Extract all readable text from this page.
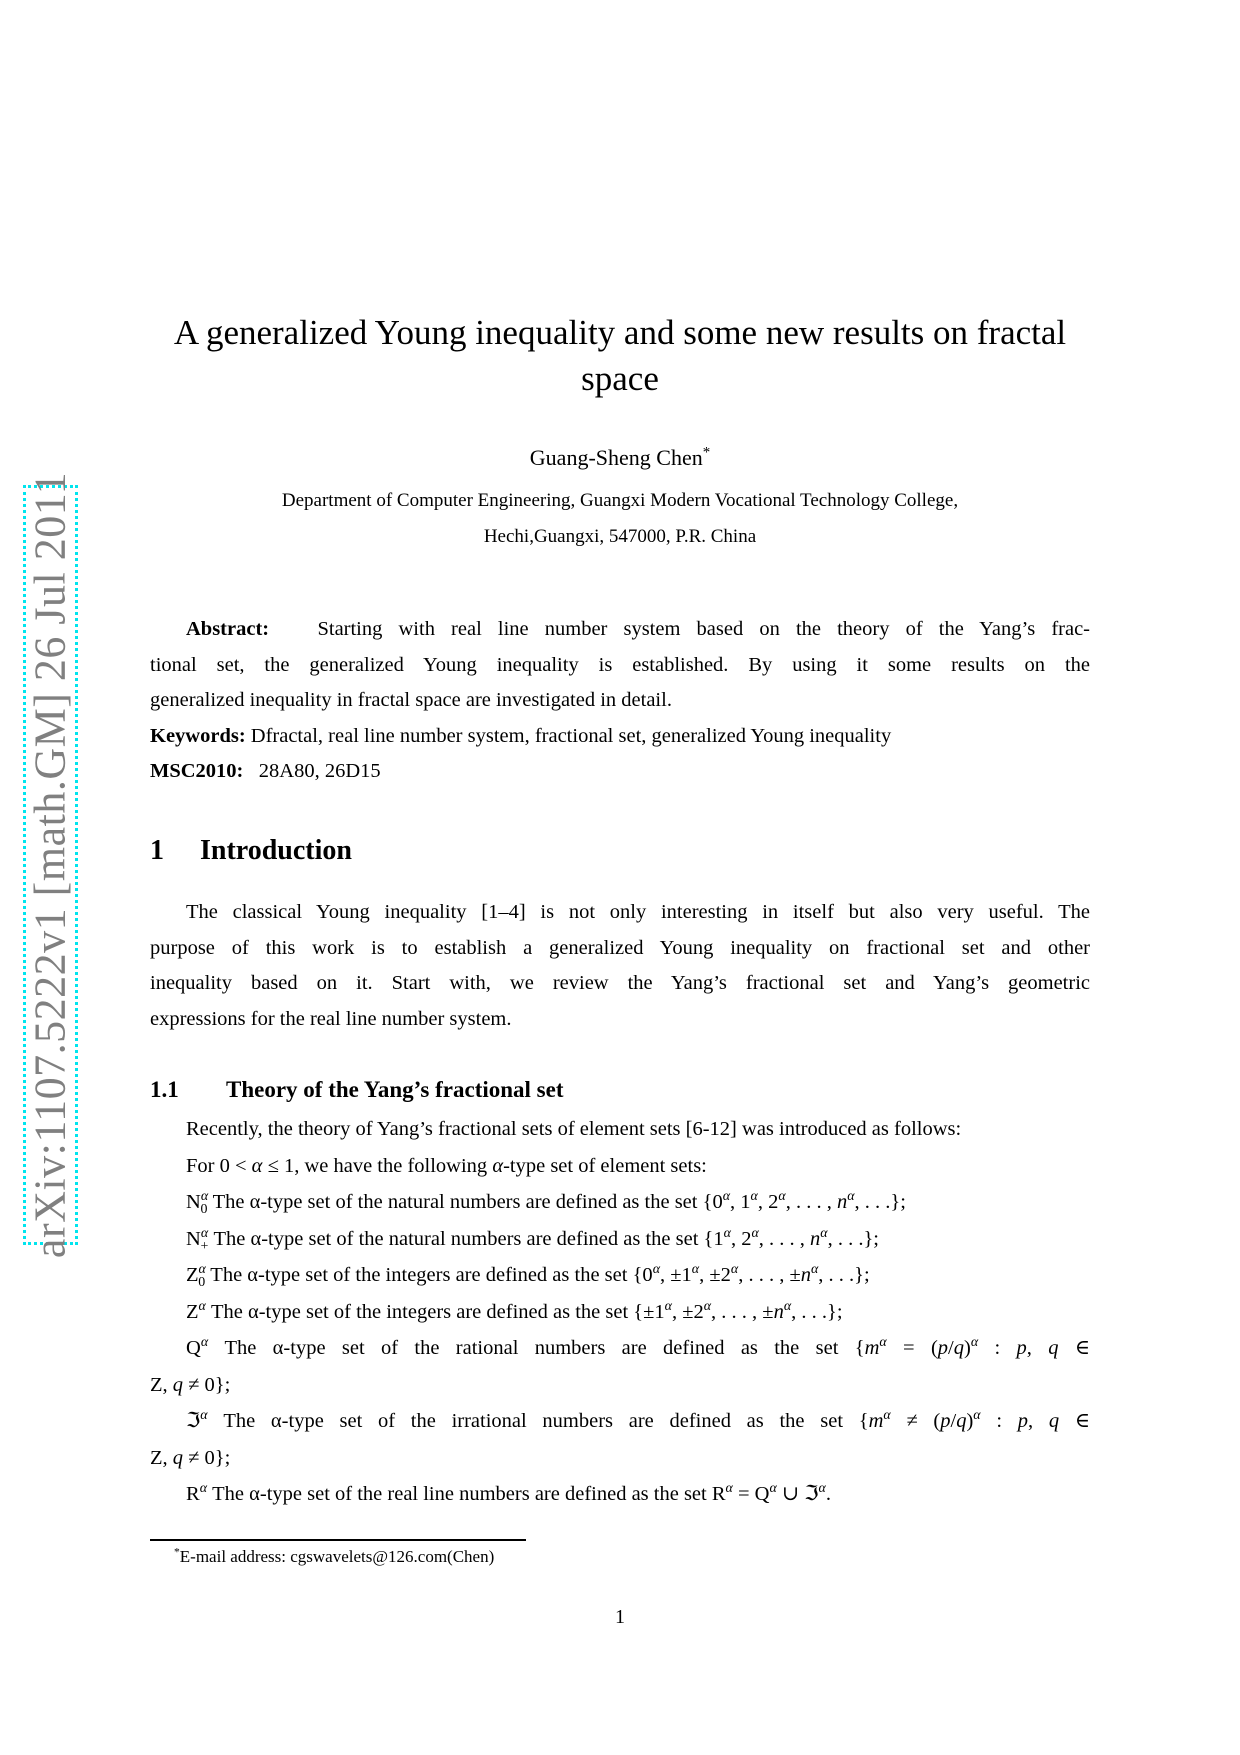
arXiv:1107.5222v1 [math.GM] 26 Jul 2011
A generalized Young inequality and some new results on fractal
space
Guang-Sheng Chen*
Department of Computer Engineering, Guangxi Modern Vocational Technology College,
Hechi,Guangxi, 547000, P.R. China
Abstract: Starting with real line number system based on the theory of the Yang’s frac-
tional set, the generalized Young inequality is established. By using it some results on the
generalized inequality in fractal space are investigated in detail.
Keywords: Dfractal, real line number system, fractional set, generalized Young inequality
MSC2010: 28A80, 26D15
1 Introduction
The classical Young inequality [1–4] is not only interesting in itself but also very useful. The
purpose of this work is to establish a generalized Young inequality on fractional set and other
inequality based on it. Start with, we review the Yang’s fractional set and Yang’s geometric
expressions for the real line number system.
1.1 Theory of the Yang’s fractional set
Recently, the theory of Yang’s fractional sets of element sets [6-12] was introduced as follows:
For 0 < α ≤ 1, we have the following α-type set of element sets:
$N^\alpha_0$ The α-type set of the natural numbers are defined as the set {$0^\alpha$, $1^\alpha$, $2^\alpha$, . . . , $n^\alpha$, . . .};
$N^\alpha_+$ The α-type set of the natural numbers are defined as the set {$1^\alpha$, $2^\alpha$, . . . , $n^\alpha$, . . .};
$Z^\alpha_0$ The α-type set of the integers are defined as the set {$0^\alpha$, $\pm 1^\alpha$, $\pm 2^\alpha$, . . . , $\pm n^\alpha$, . . .};
$Z^\alpha$ The α-type set of the integers are defined as the set {$\pm 1^\alpha$, $\pm 2^\alpha$, . . . , $\pm n^\alpha$, . . .};
$Q^\alpha$ The α-type set of the rational numbers are defined as the set {$m^\alpha = (p/q)^\alpha$ : p, q ∈
Z, q ≠ 0};
ℑ$^\alpha$ The α-type set of the irrational numbers are defined as the set {$m^\alpha \ne (p/q)^\alpha$ : p, q ∈
Z, q ≠ 0};
$R^\alpha$ The α-type set of the real line numbers are defined as the set $R^\alpha = Q^\alpha$ ∪ ℑ$^\alpha$.
*E-mail address: cgswavelets@126.com(Chen)
1
